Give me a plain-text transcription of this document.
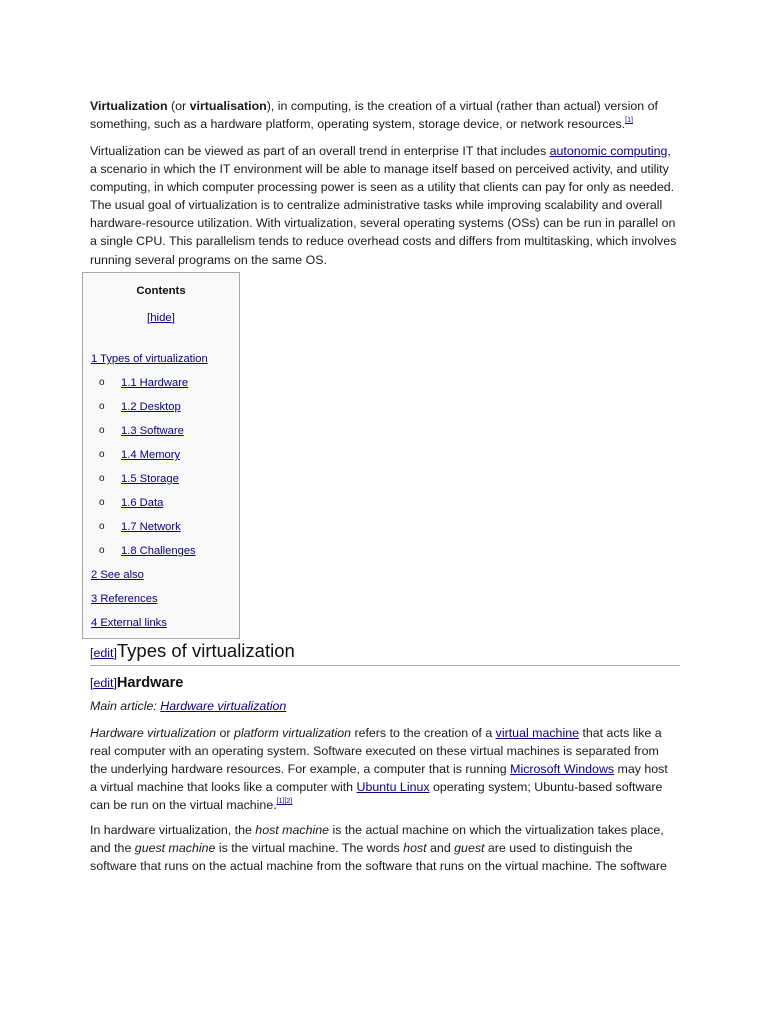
Virtualization (or virtualisation), in computing, is the creation of a virtual (rather than actual) version of something, such as a hardware platform, operating system, storage device, or network resources.[1]

Virtualization can be viewed as part of an overall trend in enterprise IT that includes autonomic computing, a scenario in which the IT environment will be able to manage itself based on perceived activity, and utility computing, in which computer processing power is seen as a utility that clients can pay for only as needed. The usual goal of virtualization is to centralize administrative tasks while improving scalability and overall hardware-resource utilization. With virtualization, several operating systems (OSs) can be run in parallel on a single CPU. This parallelism tends to reduce overhead costs and differs from multitasking, which involves running several programs on the same OS.

Contents
[hide]
1 Types of virtualization
o 1.1 Hardware
o 1.2 Desktop
o 1.3 Software
o 1.4 Memory
o 1.5 Storage
o 1.6 Data
o 1.7 Network
o 1.8 Challenges
2 See also
3 References
4 External links
[edit]Types of virtualization
[edit]Hardware
Main article: Hardware virtualization

Hardware virtualization or platform virtualization refers to the creation of a virtual machine that acts like a real computer with an operating system. Software executed on these virtual machines is separated from the underlying hardware resources. For example, a computer that is running Microsoft Windows may host a virtual machine that looks like a computer with Ubuntu Linux operating system; Ubuntu-based software can be run on the virtual machine.[1][2]

In hardware virtualization, the host machine is the actual machine on which the virtualization takes place, and the guest machine is the virtual machine. The words host and guest are used to distinguish the software that runs on the actual machine from the software that runs on the virtual machine. The software
